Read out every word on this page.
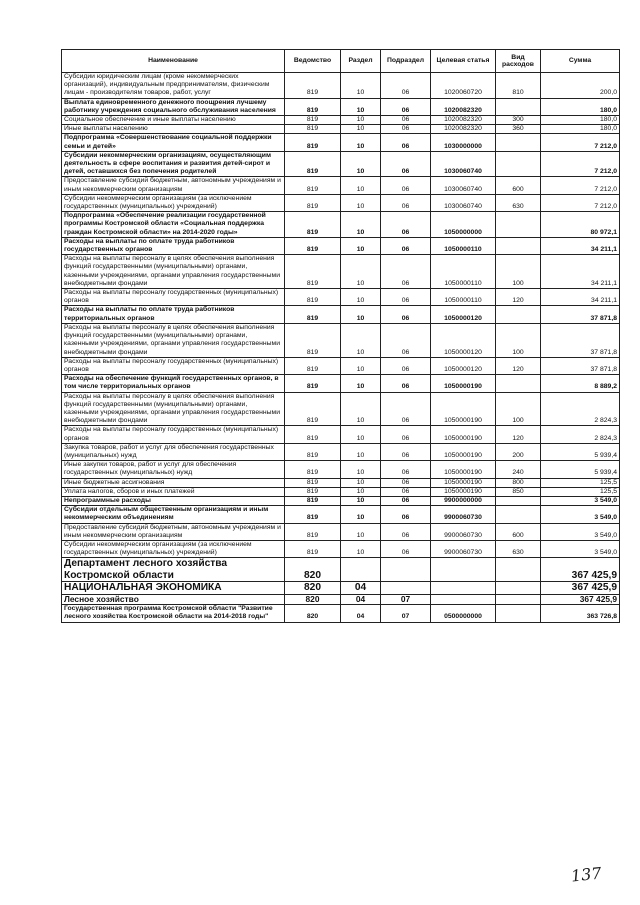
Наименование	Ведомство	Раздел	Подраздел	Целевая статья	Вид расходов	Сумма
Субсидии юридическим лицам (кроме некоммерческих организаций), индивидуальным предпринимателям, физическим лицам - производителям товаров, работ, услуг	819	10	06	1020060720	810	200,0
Выплата единовременного денежного поощрения лучшему работнику учреждения социального обслуживания населения	819	10	06	1020082320		180,0
Социальное обеспечение и иные выплаты населению	819	10	06	1020082320	300	180,0
Иные выплаты населению	819	10	06	1020082320	360	180,0
Подпрограмма «Совершенствование социальной поддержки семьи и детей»	819	10	06	1030000000		7 212,0
Субсидии некоммерческим организациям, осуществляющим деятельность в сфере воспитания и развития детей-сирот и детей, оставшихся без попечения родителей	819	10	06	1030060740		7 212,0
Предоставление субсидий бюджетным, автономным учреждениям и иным некоммерческим организациям	819	10	06	1030060740	600	7 212,0
Субсидии некоммерческим организациям (за исключением государственных (муниципальных) учреждений)	819	10	06	1030060740	630	7 212,0
Подпрограмма «Обеспечение реализации государственной программы Костромской области «Социальная поддержка граждан Костромской области» на 2014-2020 годы»	819	10	06	1050000000		80 972,1
Расходы на выплаты по оплате труда работников государственных органов	819	10	06	1050000110		34 211,1
Расходы на выплаты персоналу в целях обеспечения выполнения функций государственными (муниципальными) органами, казенными учреждениями, органами управления государственными внебюджетными фондами	819	10	06	1050000110	100	34 211,1
Расходы на выплаты персоналу государственных (муниципальных) органов	819	10	06	1050000110	120	34 211,1
Расходы на выплаты по оплате труда работников территориальных органов	819	10	06	1050000120		37 871,8
Расходы на выплаты персоналу в целях обеспечения выполнения функций государственными (муниципальными) органами, казенными учреждениями, органами управления государственными внебюджетными фондами	819	10	06	1050000120	100	37 871,8
Расходы на выплаты персоналу государственных (муниципальных) органов	819	10	06	1050000120	120	37 871,8
Расходы на обеспечение функций государственных органов, в том числе территориальных органов	819	10	06	1050000190		8 889,2
Расходы на выплаты персоналу в целях обеспечения выполнения функций государственными (муниципальными) органами, казенными учреждениями, органами управления государственными внебюджетными фондами	819	10	06	1050000190	100	2 824,3
Расходы на выплаты персоналу государственных (муниципальных) органов	819	10	06	1050000190	120	2 824,3
Закупка товаров, работ и услуг для обеспечения государственных (муниципальных) нужд	819	10	06	1050000190	200	5 939,4
Иные закупки товаров, работ и услуг для обеспечения государственных (муниципальных) нужд	819	10	06	1050000190	240	5 939,4
Иные бюджетные ассигнования	819	10	06	1050000190	800	125,5
Уплата налогов, сборов и иных платежей	819	10	06	1050000190	850	125,5
Непрограммные расходы	819	10	06	9900000000		3 549,0
Субсидии отдельным общественным организациям и иным некоммерческим объединениям	819	10	06	9900060730		3 549,0
Предоставление субсидий бюджетным, автономным учреждениям и иным некоммерческим организациям	819	10	06	9900060730	600	3 549,0
Субсидии некоммерческим организациям (за исключением государственных (муниципальных) учреждений)	819	10	06	9900060730	630	3 549,0
Департамент лесного хозяйства Костромской области	820					367 425,9
НАЦИОНАЛЬНАЯ ЭКОНОМИКА	820	04				367 425,9
Лесное хозяйство	820	04	07			367 425,9
Государственная программа Костромской области "Развитие лесного хозяйства Костромской области на 2014-2018 годы"	820	04	07	0500000000		363 726,8
137
